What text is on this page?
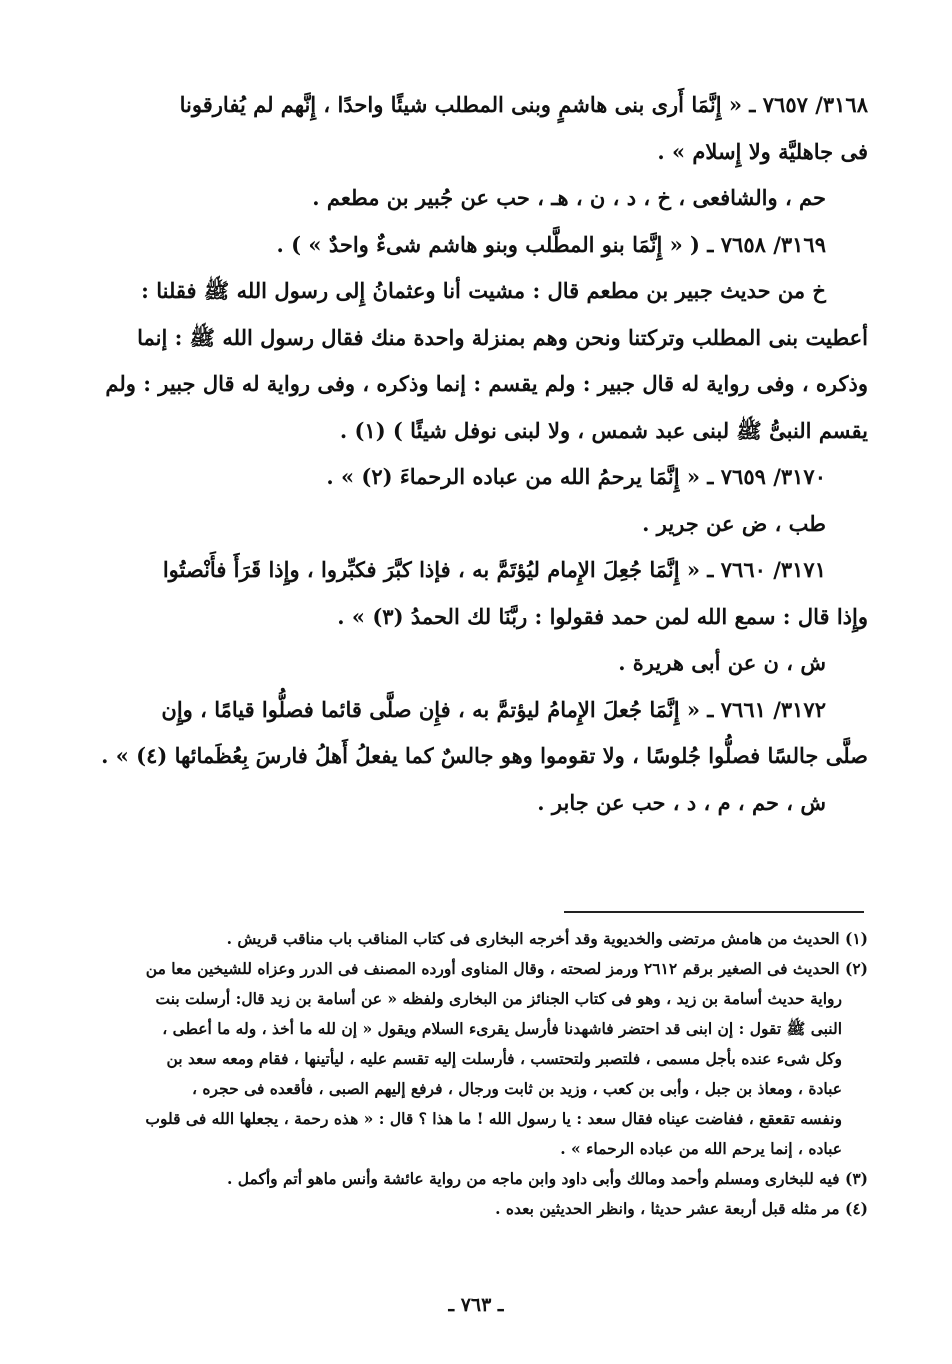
٣١٦٨/ ٧٦٥٧ ـ « إِنَّمَا أَرى بنى هاشمٍ وبنى المطلب شيئًا واحدًا ، إِنَّهم لم يُفارقونا

فى جاهليَّة ولا إِسلام » .

حم ، والشافعى ، خ ، د ، ن ، هـ ، حب عن جُبير بن مطعم .

٣١٦٩/ ٧٦٥٨ ـ ( « إِنَّمَا بنو المطَّلب وبنو هاشم شىءٌ واحدٌ » ) .

خ من حديث جبير بن مطعم قال : مشيت أنا وعثمانُ إِلى رسول الله ﷺ فقلنا :

أعطيت بنى المطلب وتركتنا ونحن وهم بمنزلة واحدة منك فقال رسول الله ﷺ : إنما

وذكره ، وفى رواية له قال جبير : ولم يقسم : إنما وذكره ، وفى رواية له قال جبير : ولم

يقسم النبىُّ ﷺ لبنى عبد شمس ، ولا لبنى نوفل شيئًا ) (١) .

٣١٧٠/ ٧٦٥٩ ـ « إِنَّمَا يرحمُ الله من عباده الرحماءَ (٢) » .

طب ، ض عن جرير .

٣١٧١/ ٧٦٦٠ ـ « إِنَّمَا جُعِلَ الإِمام ليُؤتَمَّ به ، فإذا كبَّرَ فكبِّروا ، وإِذا قَرَأَ فأَنْصتُوا

وإِذا قال : سمع الله لمن حمد فقولوا : ربَّنَا لك الحمدُ (٣) » .

ش ، ن عن أبى هريرة .

٣١٧٢/ ٧٦٦١ ـ « إِنَّمَا جُعلَ الإِمامُ ليؤتمَّ به ، فإِن صلَّى قائما فصلُّوا قيامًا ، وإِن

صلَّى جالسًا فصلُّوا جُلوسًا ، ولا تقوموا وهو جالسٌ كما يفعلُ أَهلُ فارسَ بِعُظَمائها (٤) » .

ش ، حم ، م ، د ، حب عن جابر .

(١) الحديث من هامش مرتضى والخديوية وقد أخرجه البخارى فى كتاب المناقب باب مناقب قريش .

(٢) الحديث فى الصغير برقم ٢٦١٢ ورمز لصحته ، وقال المناوى أورده المصنف فى الدرر وعزاه للشيخين معا من

رواية حديث أسامة بن زيد ، وهو فى كتاب الجنائز من البخارى ولفظه « عن أسامة بن زيد قال: أرسلت بنت

النبى ﷺ تقول : إن ابنى قد احتضر فاشهدنا فأرسل يقرىء السلام ويقول « إن لله ما أخذ ، وله ما أعطى ،

وكل شىء عنده بأجل مسمى ، فلتصبر ولتحتسب ، فأرسلت إليه تقسم عليه ، ليأتينها ، فقام ومعه سعد بن

عبادة ، ومعاذ بن جبل ، وأبى بن كعب ، وزيد بن ثابت ورجال ، فرفع إليهم الصبى ، فأقعده فى حجره ،

ونفسه تقعقع ، ففاضت عيناه فقال سعد : يا رسول الله ! ما هذا ؟ قال : « هذه رحمة ، يجعلها الله فى قلوب

عباده ، إنما يرحم الله من عباده الرحماء » .

(٣) فيه للبخارى ومسلم وأحمد ومالك وأبى داود وابن ماجه من رواية عائشة وأنس ماهو أتم وأكمل .

(٤) مر مثله قبل أربعة عشر حديثا ، وانظر الحديثين بعده .

ـ ٧٦٣ ـ
